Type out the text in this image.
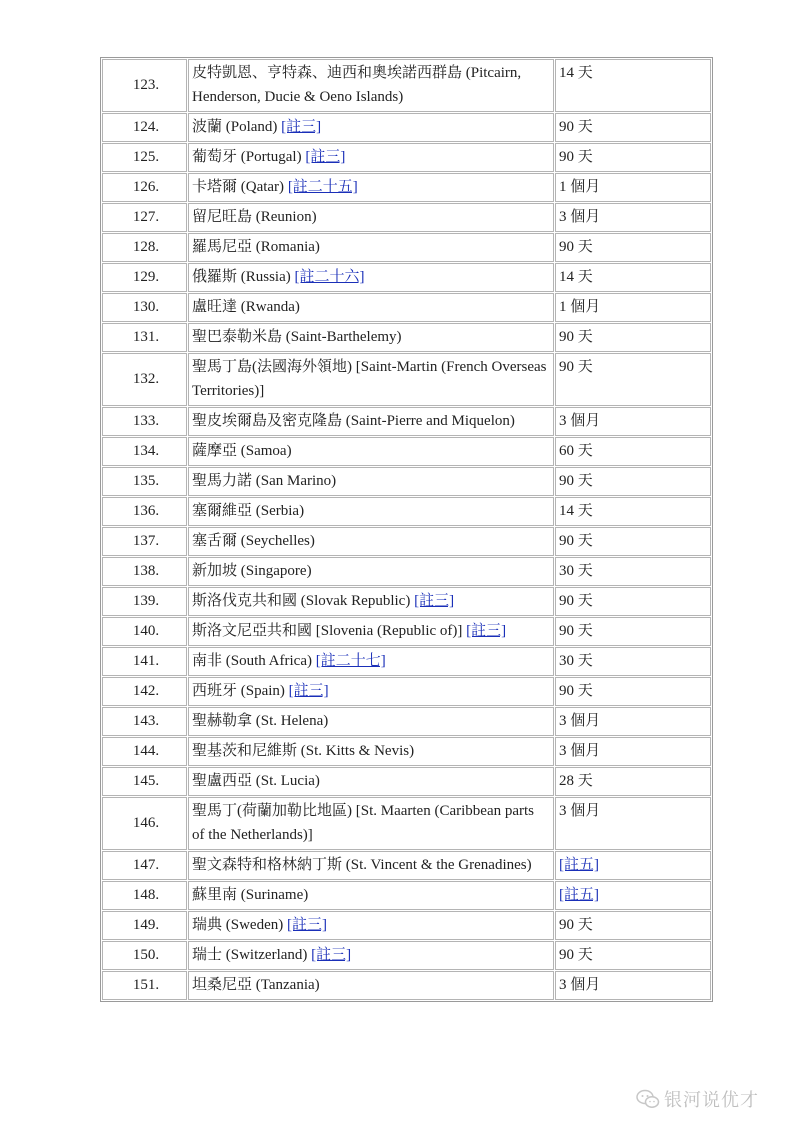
123.	皮特凱恩、亨特森、迪西和奧埃諾西群島 (Pitcairn, Henderson, Ducie & Oeno Islands)	14 天
124.	波蘭 (Poland) [註三]	90 天
125.	葡萄牙 (Portugal) [註三]	90 天
126.	卡塔爾 (Qatar) [註二十五]	1 個月
127.	留尼旺島 (Reunion)	3 個月
128.	羅馬尼亞 (Romania)	90 天
129.	俄羅斯 (Russia) [註二十六]	14 天
130.	盧旺達 (Rwanda)	1 個月
131.	聖巴泰勒米島 (Saint-Barthelemy)	90 天
132.	聖馬丁島(法國海外領地) [Saint-Martin (French Overseas Territories)]	90 天
133.	聖皮埃爾島及密克隆島 (Saint-Pierre and Miquelon)	3 個月
134.	薩摩亞 (Samoa)	60 天
135.	聖馬力諾 (San Marino)	90 天
136.	塞爾維亞 (Serbia)	14 天
137.	塞舌爾 (Seychelles)	90 天
138.	新加坡 (Singapore)	30 天
139.	斯洛伐克共和國 (Slovak Republic) [註三]	90 天
140.	斯洛文尼亞共和國 [Slovenia (Republic of)] [註三]	90 天
141.	南非 (South Africa) [註二十七]	30 天
142.	西班牙 (Spain) [註三]	90 天
143.	聖赫勒拿 (St. Helena)	3 個月
144.	聖基茨和尼維斯 (St. Kitts & Nevis)	3 個月
145.	聖盧西亞 (St. Lucia)	28 天
146.	聖馬丁(荷蘭加勒比地區) [St. Maarten (Caribbean parts of the Netherlands)]	3 個月
147.	聖文森特和格林納丁斯 (St. Vincent & the Grenadines)	[註五]
148.	蘇里南 (Suriname)	[註五]
149.	瑞典 (Sweden) [註三]	90 天
150.	瑞士 (Switzerland) [註三]	90 天
151.	坦桑尼亞 (Tanzania)	3 個月
银河说优才
